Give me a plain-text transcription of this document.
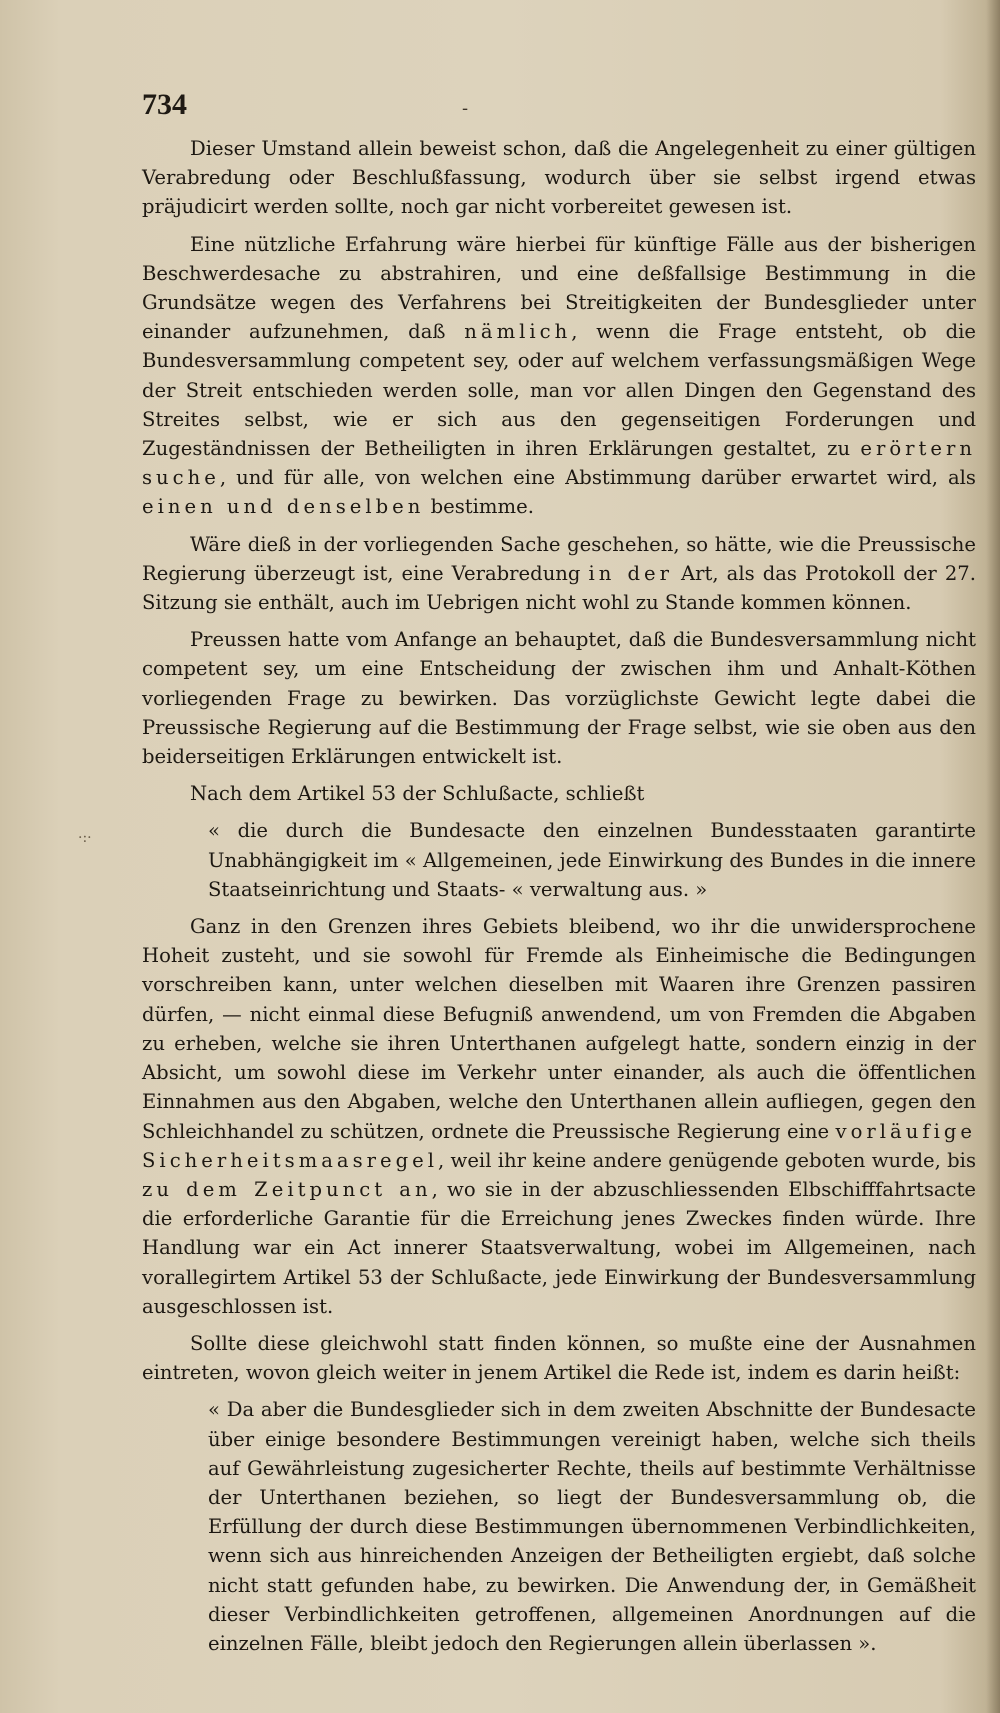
734	-
·:·

Dieser Umstand allein beweist schon, daß die Angelegenheit zu einer gültigen Verabredung oder Beschlußfassung, wodurch über sie selbst irgend etwas präjudicirt werden sollte, noch gar nicht vorbereitet gewesen ist.

Eine nützliche Erfahrung wäre hierbei für künftige Fälle aus der bisherigen Beschwerdesache zu abstrahiren, und eine deßfallsige Bestimmung in die Grundsätze wegen des Verfahrens bei Streitigkeiten der Bundesglieder unter einander aufzunehmen, daß nämlich, wenn die Frage entsteht, ob die Bundesversammlung competent sey, oder auf welchem verfassungsmäßigen Wege der Streit entschieden werden solle, man vor allen Dingen den Gegenstand des Streites selbst, wie er sich aus den gegenseitigen Forderungen und Zugeständnissen der Betheiligten in ihren Erklärungen gestaltet, zu erörtern suche, und für alle, von welchen eine Abstimmung darüber erwartet wird, als einen und denselben bestimme.

Wäre dieß in der vorliegenden Sache geschehen, so hätte, wie die Preussische Regierung überzeugt ist, eine Verabredung in der Art, als das Protokoll der 27. Sitzung sie enthält, auch im Uebrigen nicht wohl zu Stande kommen können.

Preussen hatte vom Anfange an behauptet, daß die Bundesversammlung nicht competent sey, um eine Entscheidung der zwischen ihm und Anhalt-Köthen vorliegenden Frage zu bewirken. Das vorzüglichste Gewicht legte dabei die Preussische Regierung auf die Bestimmung der Frage selbst, wie sie oben aus den beiderseitigen Erklärungen entwickelt ist.

Nach dem Artikel 53 der Schlußacte, schließt

« die durch die Bundesacte den einzelnen Bundesstaaten garantirte Unabhängigkeit im « Allgemeinen, jede Einwirkung des Bundes in die innere Staatseinrichtung und Staats- « verwaltung aus. »

Ganz in den Grenzen ihres Gebiets bleibend, wo ihr die unwidersprochene Hoheit zusteht, und sie sowohl für Fremde als Einheimische die Bedingungen vorschreiben kann, unter welchen dieselben mit Waaren ihre Grenzen passiren dürfen, — nicht einmal diese Befugniß anwendend, um von Fremden die Abgaben zu erheben, welche sie ihren Unterthanen aufgelegt hatte, sondern einzig in der Absicht, um sowohl diese im Verkehr unter einander, als auch die öffentlichen Einnahmen aus den Abgaben, welche den Unterthanen allein aufliegen, gegen den Schleichhandel zu schützen, ordnete die Preussische Regierung eine vorläufige Sicherheitsmaasregel, weil ihr keine andere genügende geboten wurde, bis zu dem Zeitpunct an, wo sie in der abzuschliessenden Elbschifffahrtsacte die erforderliche Garantie für die Erreichung jenes Zweckes finden würde. Ihre Handlung war ein Act innerer Staatsverwaltung, wobei im Allgemeinen, nach vorallegirtem Artikel 53 der Schlußacte, jede Einwirkung der Bundesversammlung ausgeschlossen ist.

Sollte diese gleichwohl statt finden können, so mußte eine der Ausnahmen eintreten, wovon gleich weiter in jenem Artikel die Rede ist, indem es darin heißt:

« Da aber die Bundesglieder sich in dem zweiten Abschnitte der Bundesacte über einige besondere Bestimmungen vereinigt haben, welche sich theils auf Gewährleistung zugesicherter Rechte, theils auf bestimmte Verhältnisse der Unterthanen beziehen, so liegt der Bundesversammlung ob, die Erfüllung der durch diese Bestimmungen übernommenen Verbindlichkeiten, wenn sich aus hinreichenden Anzeigen der Betheiligten ergiebt, daß solche nicht statt gefunden habe, zu bewirken. Die Anwendung der, in Gemäßheit dieser Verbindlichkeiten getroffenen, allgemeinen Anordnungen auf die einzelnen Fälle, bleibt jedoch den Regierungen allein überlassen ».
